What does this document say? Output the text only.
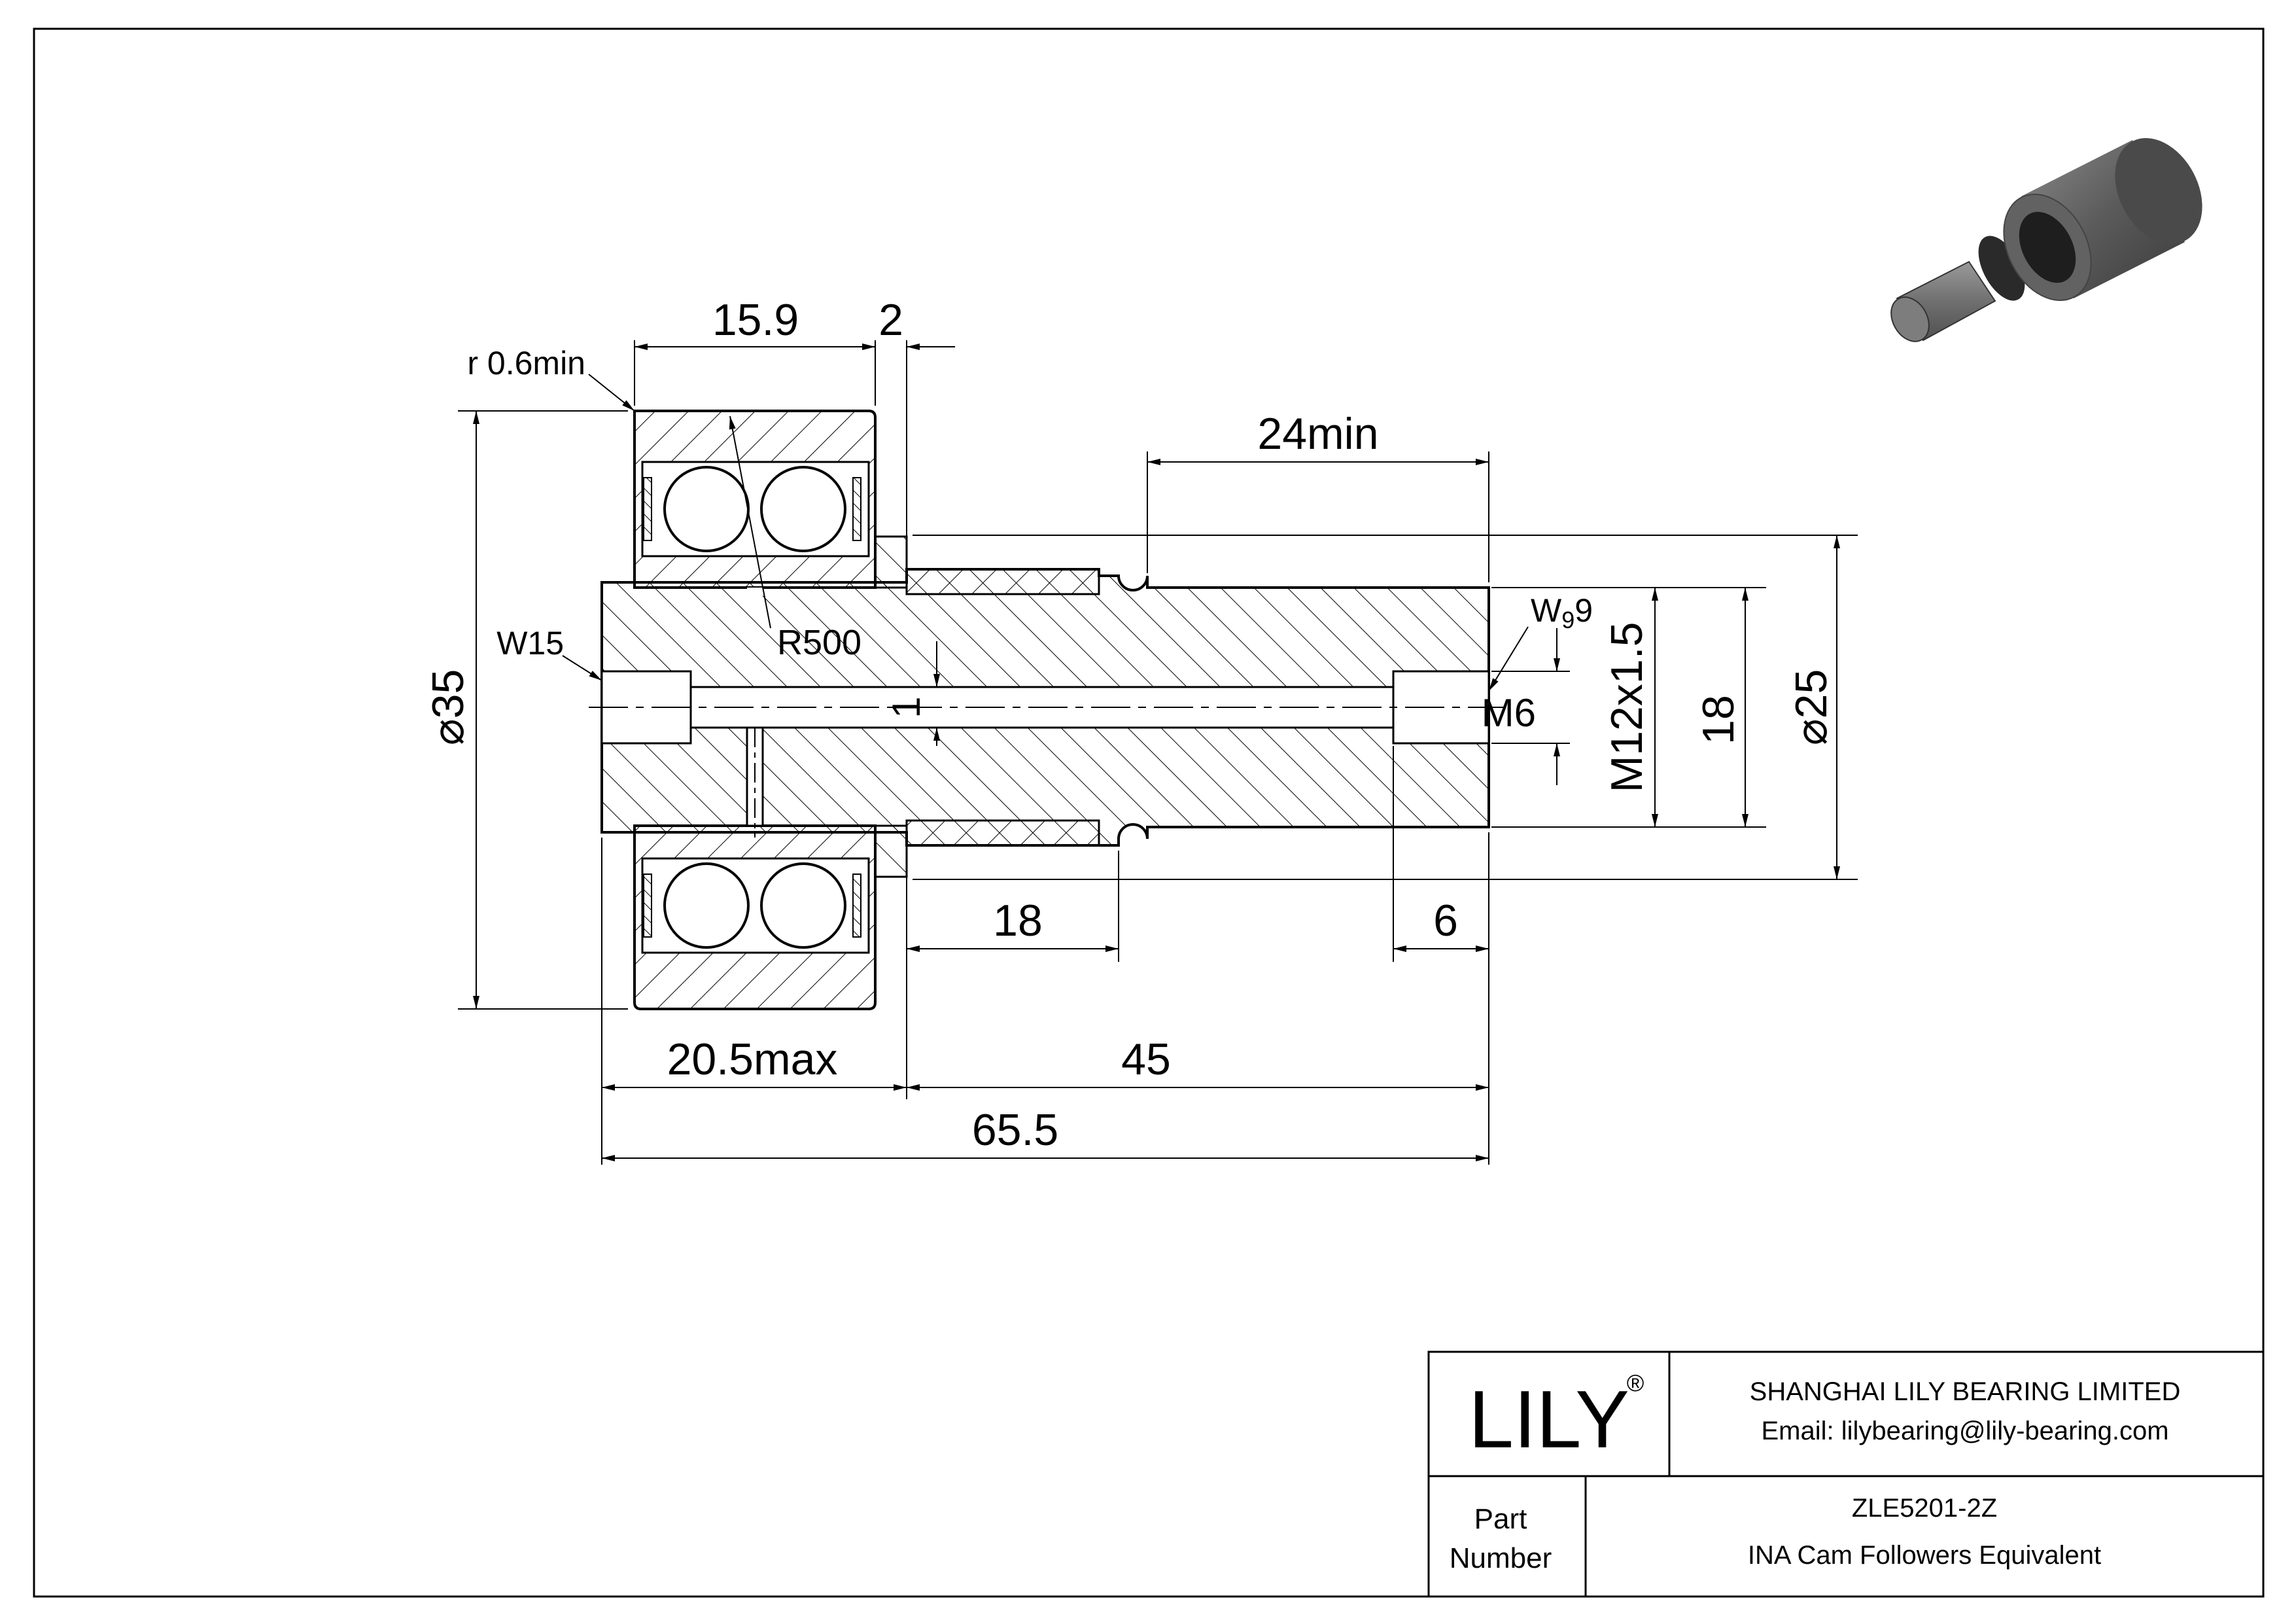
15.9 2
r 0.6min
24min
W15
$W_99$
R500
1	M6 M12x1.5 18 ⌀25
⌀35
18	6
20.5max	45
65.5
LILY
®	SHANGHAI LILY BEARING LIMITED
Email: lilybearing@lily-bearing.com
Part
Number
ZLE5201-2Z
INA Cam Followers Equivalent
